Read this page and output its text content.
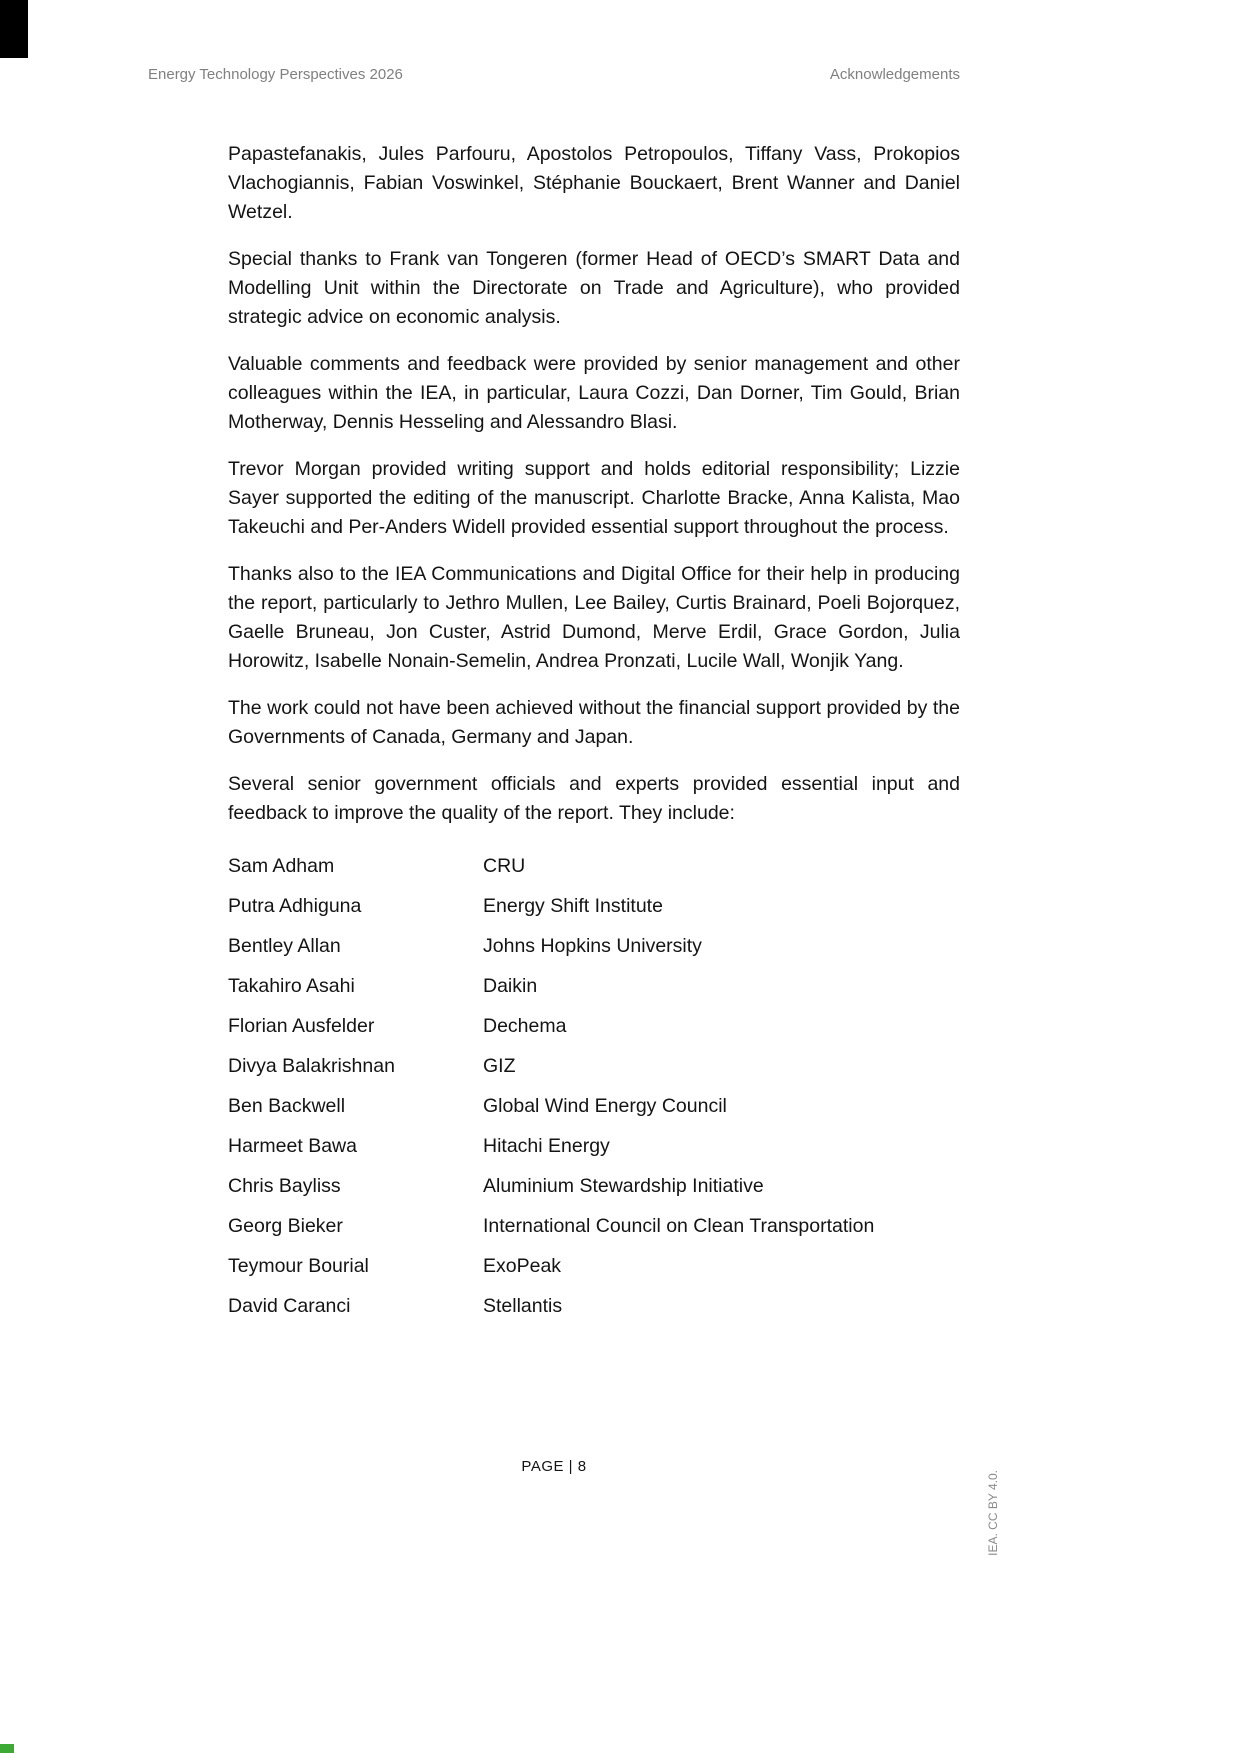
Energy Technology Perspectives 2026	Acknowledgements

Papastefanakis, Jules Parfouru, Apostolos Petropoulos, Tiffany Vass, Prokopios Vlachogiannis, Fabian Voswinkel, Stéphanie Bouckaert, Brent Wanner and Daniel Wetzel.

Special thanks to Frank van Tongeren (former Head of OECD’s SMART Data and Modelling Unit within the Directorate on Trade and Agriculture), who provided strategic advice on economic analysis.

Valuable comments and feedback were provided by senior management and other colleagues within the IEA, in particular, Laura Cozzi, Dan Dorner, Tim Gould, Brian Motherway, Dennis Hesseling and Alessandro Blasi.

Trevor Morgan provided writing support and holds editorial responsibility; Lizzie Sayer supported the editing of the manuscript. Charlotte Bracke, Anna Kalista, Mao Takeuchi and Per-Anders Widell provided essential support throughout the process.

Thanks also to the IEA Communications and Digital Office for their help in producing the report, particularly to Jethro Mullen, Lee Bailey, Curtis Brainard, Poeli Bojorquez, Gaelle Bruneau, Jon Custer, Astrid Dumond, Merve Erdil, Grace Gordon, Julia Horowitz, Isabelle Nonain-Semelin, Andrea Pronzati, Lucile Wall, Wonjik Yang.

The work could not have been achieved without the financial support provided by the Governments of Canada, Germany and Japan.

Several senior government officials and experts provided essential input and feedback to improve the quality of the report. They include:

Sam Adham	CRU
Putra Adhiguna	Energy Shift Institute
Bentley Allan	Johns Hopkins University
Takahiro Asahi	Daikin
Florian Ausfelder	Dechema
Divya Balakrishnan	GIZ
Ben Backwell	Global Wind Energy Council
Harmeet Bawa	Hitachi Energy
Chris Bayliss	Aluminium Stewardship Initiative
Georg Bieker	International Council on Clean Transportation
Teymour Bourial	ExoPeak
David Caranci	Stellantis
PAGE | 8
IEA. CC BY 4.0.
